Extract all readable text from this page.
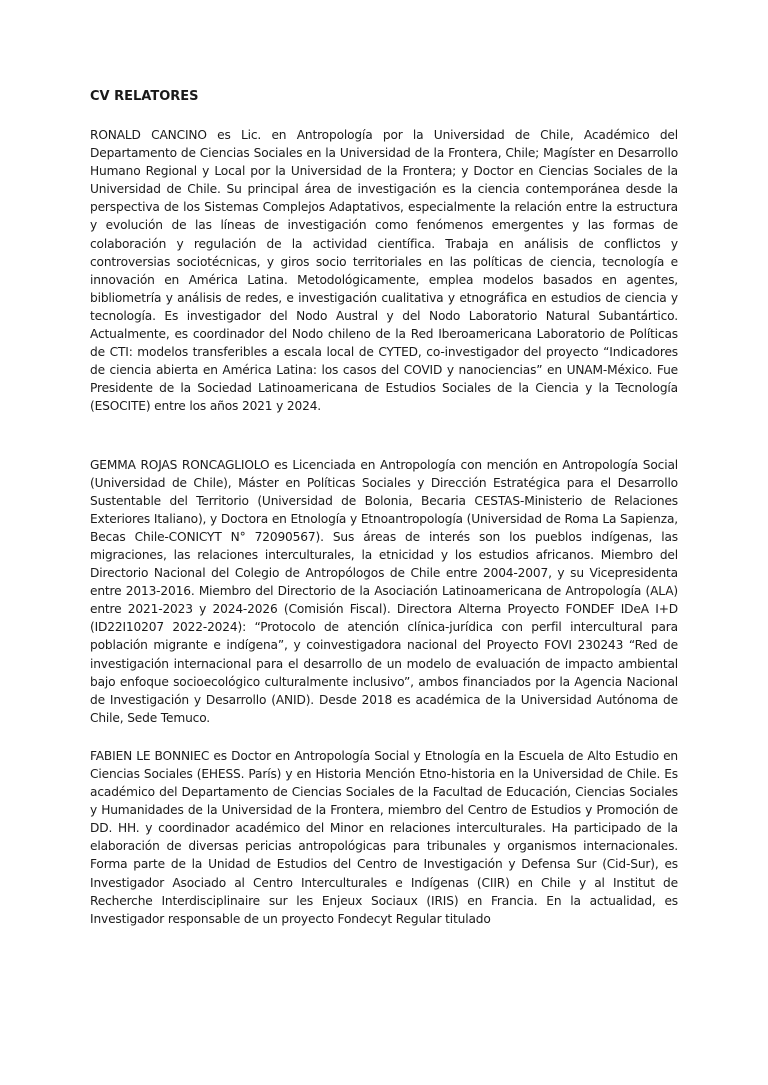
CV RELATORES

RONALD CANCINO es Lic. en Antropología por la Universidad de Chile, Académico del Departamento de Ciencias Sociales en la Universidad de la Frontera, Chile; Magíster en Desarrollo Humano Regional y Local por la Universidad de la Frontera; y Doctor en Ciencias Sociales de la Universidad de Chile. Su principal área de investigación es la ciencia contemporánea desde la perspectiva de los Sistemas Complejos Adaptativos, especialmente la relación entre la estructura y evolución de las líneas de investigación como fenómenos emergentes y las formas de colaboración y regulación de la actividad científica. Trabaja en análisis de conflictos y controversias sociotécnicas, y giros socio territoriales en las políticas de ciencia, tecnología e innovación en América Latina. Metodológicamente, emplea modelos basados en agentes, bibliometría y análisis de redes, e investigación cualitativa y etnográfica en estudios de ciencia y tecnología. Es investigador del Nodo Austral y del Nodo Laboratorio Natural Subantártico. Actualmente, es coordinador del Nodo chileno de la Red Iberoamericana Laboratorio de Políticas de CTI: modelos transferibles a escala local de CYTED, co-investigador del proyecto “Indicadores de ciencia abierta en América Latina: los casos del COVID y nanociencias” en UNAM-México. Fue Presidente de la Sociedad Latinoamericana de Estudios Sociales de la Ciencia y la Tecnología (ESOCITE) entre los años 2021 y 2024.

GEMMA ROJAS RONCAGLIOLO es Licenciada en Antropología con mención en Antropología Social (Universidad de Chile), Máster en Políticas Sociales y Dirección Estratégica para el Desarrollo Sustentable del Territorio (Universidad de Bolonia, Becaria CESTAS-Ministerio de Relaciones Exteriores Italiano), y Doctora en Etnología y Etnoantropología (Universidad de Roma La Sapienza, Becas Chile-CONICYT N° 72090567). Sus áreas de interés son los pueblos indígenas, las migraciones, las relaciones interculturales, la etnicidad y los estudios africanos. Miembro del Directorio Nacional del Colegio de Antropólogos de Chile entre 2004-2007, y su Vicepresidenta entre 2013-2016. Miembro del Directorio de la Asociación Latinoamericana de Antropología (ALA) entre 2021-2023 y 2024-2026 (Comisión Fiscal). Directora Alterna Proyecto FONDEF IDeA I+D (ID22I10207 2022-2024): “Protocolo de atención clínica-jurídica con perfil intercultural para población migrante e indígena”, y coinvestigadora nacional del Proyecto FOVI 230243 “Red de investigación internacional para el desarrollo de un modelo de evaluación de impacto ambiental bajo enfoque socioecológico culturalmente inclusivo”, ambos financiados por la Agencia Nacional de Investigación y Desarrollo (ANID). Desde 2018 es académica de la Universidad Autónoma de Chile, Sede Temuco.

FABIEN LE BONNIEC es Doctor en Antropología Social y Etnología en la Escuela de Alto Estudio en Ciencias Sociales (EHESS. París) y en Historia Mención Etno-historia en la Universidad de Chile. Es académico del Departamento de Ciencias Sociales de la Facultad de Educación, Ciencias Sociales y Humanidades de la Universidad de la Frontera, miembro del Centro de Estudios y Promoción de DD. HH. y coordinador académico del Minor en relaciones interculturales. Ha participado de la elaboración de diversas pericias antropológicas para tribunales y organismos internacionales. Forma parte de la Unidad de Estudios del Centro de Investigación y Defensa Sur (Cid-Sur), es Investigador Asociado al Centro Interculturales e Indígenas (CIIR) en Chile y al Institut de Recherche Interdisciplinaire sur les Enjeux Sociaux (IRIS) en Francia. En la actualidad, es Investigador responsable de un proyecto Fondecyt Regular titulado
